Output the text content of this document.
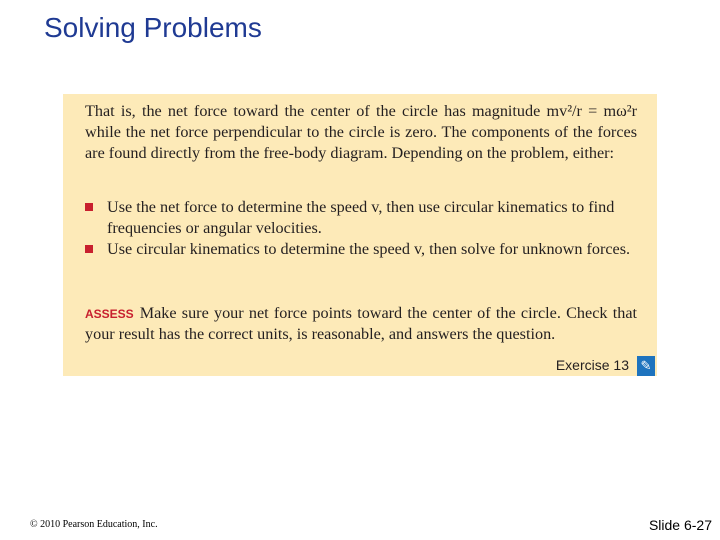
Solving Problems
That is, the net force toward the center of the circle has magnitude mv²/r = mω²r while the net force perpendicular to the circle is zero. The components of the forces are found directly from the free-body diagram. Depending on the problem, either:
Use the net force to determine the speed v, then use circular kinematics to find frequencies or angular velocities.
Use circular kinematics to determine the speed v, then solve for unknown forces.
ASSESS Make sure your net force points toward the center of the circle. Check that your result has the correct units, is reasonable, and answers the question.
Exercise 13 ✎
© 2010 Pearson Education, Inc.	Slide 6-27
